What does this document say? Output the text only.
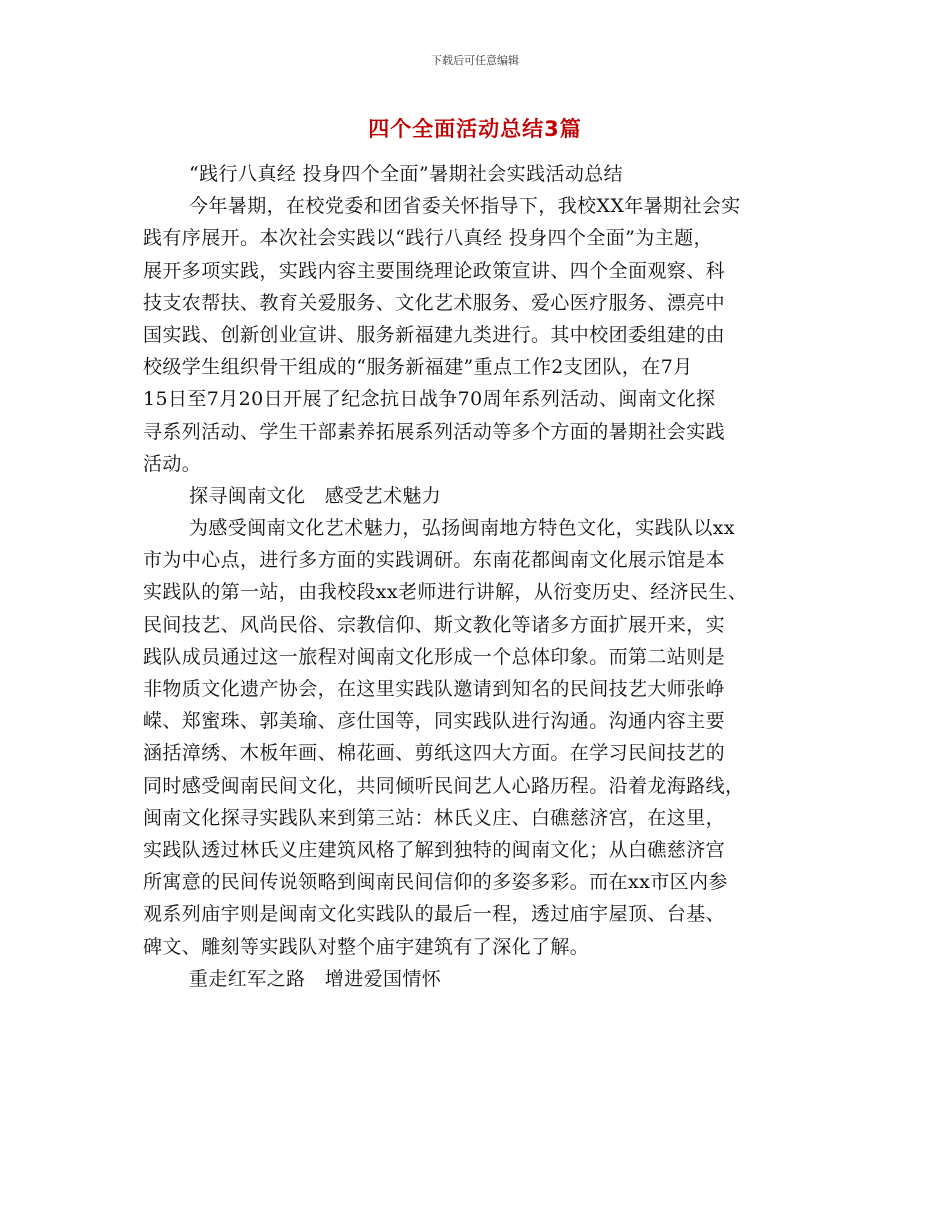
下载后可任意编辑
四个全面活动总结3篇
“践行八真经 投身四个全面”暑期社会实践活动总结
今年暑期，在校党委和团省委关怀指导下，我校XX年暑期社会实
践有序展开。本次社会实践以“践行八真经 投身四个全面”为主题，
展开多项实践，实践内容主要围绕理论政策宣讲、四个全面观察、科
技支农帮扶、教育关爱服务、文化艺术服务、爱心医疗服务、漂亮中
国实践、创新创业宣讲、服务新福建九类进行。其中校团委组建的由
校级学生组织骨干组成的“服务新福建”重点工作2支团队，在7月
15日至7月20日开展了纪念抗日战争70周年系列活动、闽南文化探
寻系列活动、学生干部素养拓展系列活动等多个方面的暑期社会实践
活动。
探寻闽南文化　感受艺术魅力
为感受闽南文化艺术魅力，弘扬闽南地方特色文化，实践队以xx
市为中心点，进行多方面的实践调研。东南花都闽南文化展示馆是本
实践队的第一站，由我校段xx老师进行讲解，从衍变历史、经济民生、
民间技艺、风尚民俗、宗教信仰、斯文教化等诸多方面扩展开来，实
践队成员通过这一旅程对闽南文化形成一个总体印象。而第二站则是
非物质文化遗产协会，在这里实践队邀请到知名的民间技艺大师张峥
嵘、郑蜜珠、郭美瑜、彦仕国等，同实践队进行沟通。沟通内容主要
涵括漳绣、木板年画、棉花画、剪纸这四大方面。在学习民间技艺的
同时感受闽南民间文化，共同倾听民间艺人心路历程。沿着龙海路线，
闽南文化探寻实践队来到第三站：林氏义庄、白礁慈济宫，在这里，
实践队透过林氏义庄建筑风格了解到独特的闽南文化；从白礁慈济宫
所寓意的民间传说领略到闽南民间信仰的多姿多彩。而在xx市区内参
观系列庙宇则是闽南文化实践队的最后一程，透过庙宇屋顶、台基、
碑文、雕刻等实践队对整个庙宇建筑有了深化了解。
重走红军之路　增进爱国情怀
